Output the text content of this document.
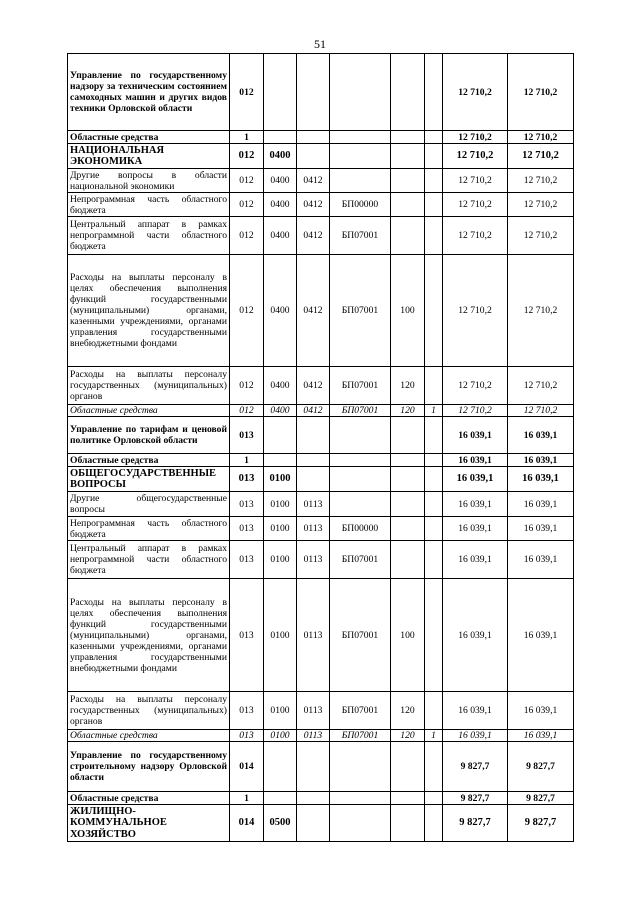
51
Управление по государственному надзору за техническим состоянием самоходных машин и других видов техники Орловской области	012						12 710,2	12 710,2
Областные средства	1						12 710,2	12 710,2
НАЦИОНАЛЬНАЯ ЭКОНОМИКА	012	0400					12 710,2	12 710,2
Другие вопросы в области национальной экономики	012	0400	0412				12 710,2	12 710,2
Непрограммная часть областного бюджета	012	0400	0412	БП00000			12 710,2	12 710,2
Центральный аппарат в рамках непрограммной части областного бюджета	012	0400	0412	БП07001			12 710,2	12 710,2
Расходы на выплаты персоналу в целях обеспечения выполнения функций государственными (муниципальными) органами, казенными учреждениями, органами управления государственными внебюджетными фондами	012	0400	0412	БП07001	100		12 710,2	12 710,2
Расходы на выплаты персоналу государственных (муниципальных) органов	012	0400	0412	БП07001	120		12 710,2	12 710,2
Областные средства	012	0400	0412	БП07001	120	1	12 710,2	12 710,2
Управление по тарифам и ценовой политике Орловской области	013						16 039,1	16 039,1
Областные средства	1						16 039,1	16 039,1
ОБЩЕГОСУДАРСТВЕННЫЕ ВОПРОСЫ	013	0100					16 039,1	16 039,1
Другие общегосударственные вопросы	013	0100	0113				16 039,1	16 039,1
Непрограммная часть областного бюджета	013	0100	0113	БП00000			16 039,1	16 039,1
Центральный аппарат в рамках непрограммной части областного бюджета	013	0100	0113	БП07001			16 039,1	16 039,1
Расходы на выплаты персоналу в целях обеспечения выполнения функций государственными (муниципальными) органами, казенными учреждениями, органами управления государственными внебюджетными фондами	013	0100	0113	БП07001	100		16 039,1	16 039,1
Расходы на выплаты персоналу государственных (муниципальных) органов	013	0100	0113	БП07001	120		16 039,1	16 039,1
Областные средства	013	0100	0113	БП07001	120	1	16 039,1	16 039,1
Управление по государственному строительному надзору Орловской области	014						9 827,7	9 827,7
Областные средства	1						9 827,7	9 827,7
ЖИЛИЩНО-КОММУНАЛЬНОЕ ХОЗЯЙСТВО	014	0500					9 827,7	9 827,7
